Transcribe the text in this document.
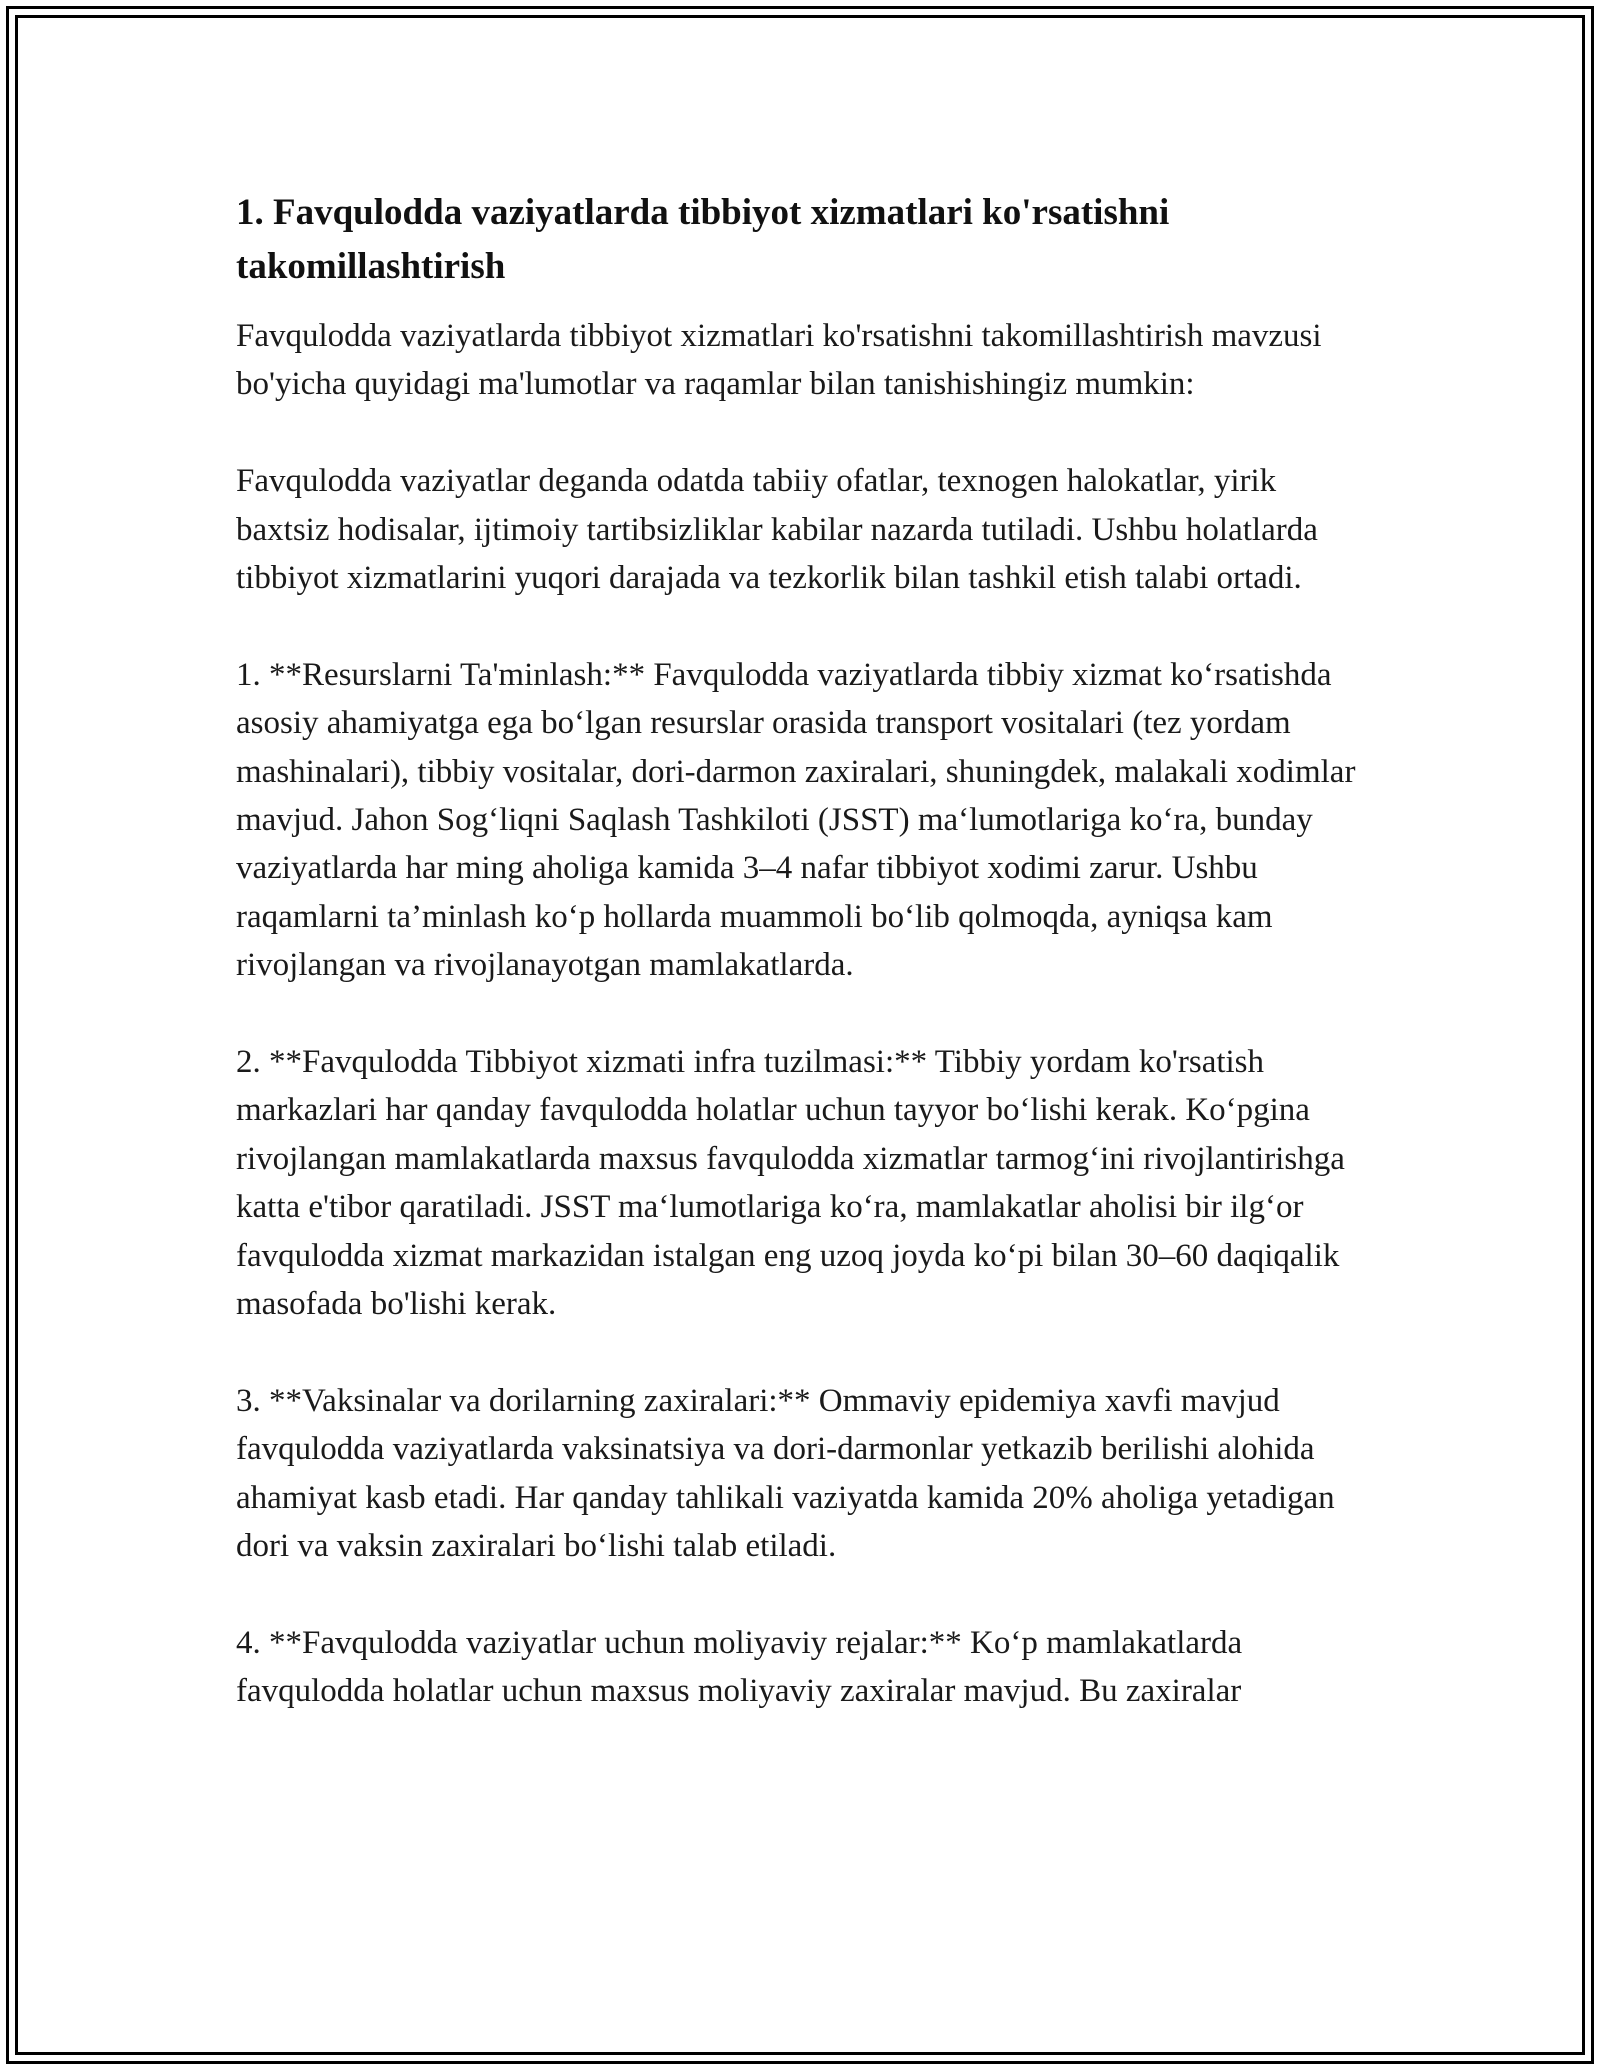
1. Favqulodda vaziyatlarda tibbiyot xizmatlari ko'rsatishni takomillashtirish

Favqulodda vaziyatlarda tibbiyot xizmatlari ko'rsatishni takomillashtirish mavzusi bo'yicha quyidagi ma'lumotlar va raqamlar bilan tanishishingiz mumkin:

Favqulodda vaziyatlar deganda odatda tabiiy ofatlar, texnogen halokatlar, yirik baxtsiz hodisalar, ijtimoiy tartibsizliklar kabilar nazarda tutiladi. Ushbu holatlarda tibbiyot xizmatlarini yuqori darajada va tezkorlik bilan tashkil etish talabi ortadi.

1. **Resurslarni Ta'minlash:** Favqulodda vaziyatlarda tibbiy xizmat ko‘rsatishda asosiy ahamiyatga ega bo‘lgan resurslar orasida transport vositalari (tez yordam mashinalari), tibbiy vositalar, dori-darmon zaxiralari, shuningdek, malakali xodimlar mavjud. Jahon Sog‘liqni Saqlash Tashkiloti (JSST) ma‘lumotlariga ko‘ra, bunday vaziyatlarda har ming aholiga kamida 3–4 nafar tibbiyot xodimi zarur. Ushbu raqamlarni ta’minlash ko‘p hollarda muammoli bo‘lib qolmoqda, ayniqsa kam rivojlangan va rivojlanayotgan mamlakatlarda.

2. **Favqulodda Tibbiyot xizmati infra tuzilmasi:** Tibbiy yordam ko'rsatish markazlari har qanday favqulodda holatlar uchun tayyor bo‘lishi kerak. Ko‘pgina rivojlangan mamlakatlarda maxsus favqulodda xizmatlar tarmog‘ini rivojlantirishga katta e'tibor qaratiladi. JSST ma‘lumotlariga ko‘ra, mamlakatlar aholisi bir ilg‘or favqulodda xizmat markazidan istalgan eng uzoq joyda ko‘pi bilan 30–60 daqiqalik masofada bo'lishi kerak.

3. **Vaksinalar va dorilarning zaxiralari:** Ommaviy epidemiya xavfi mavjud favqulodda vaziyatlarda vaksinatsiya va dori-darmonlar yetkazib berilishi alohida ahamiyat kasb etadi. Har qanday tahlikali vaziyatda kamida 20% aholiga yetadigan dori va vaksin zaxiralari bo‘lishi talab etiladi.

4. **Favqulodda vaziyatlar uchun moliyaviy rejalar:** Ko‘p mamlakatlarda favqulodda holatlar uchun maxsus moliyaviy zaxiralar mavjud. Bu zaxiralar
